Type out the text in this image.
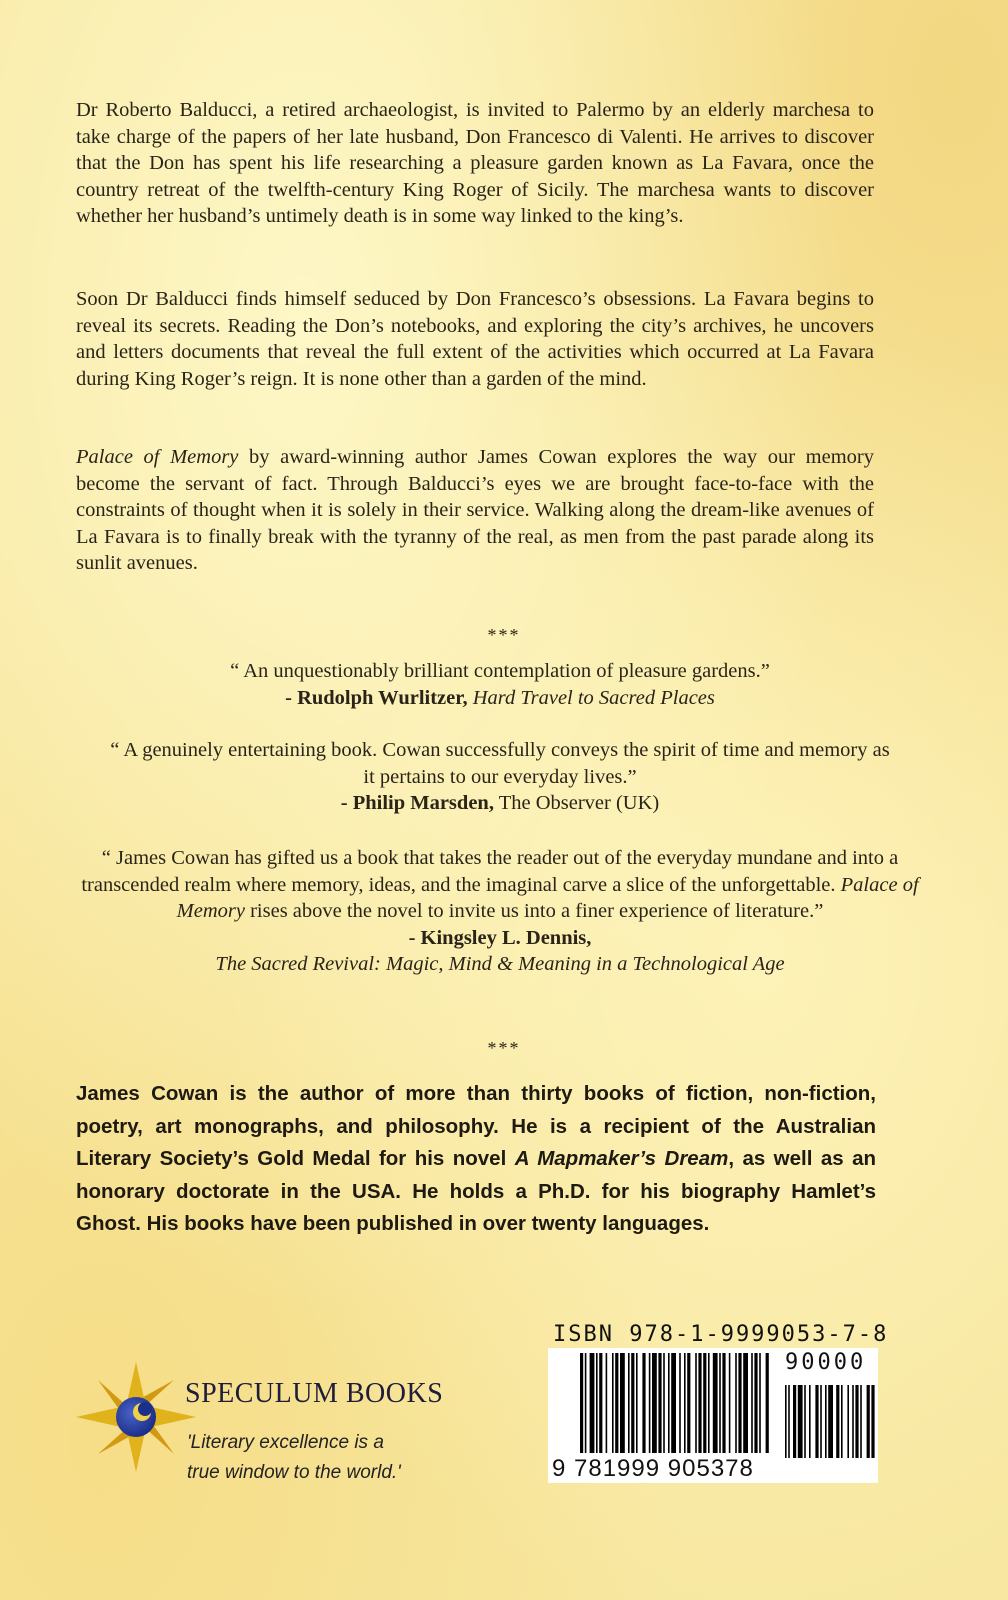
Dr Roberto Balducci, a retired archaeologist, is invited to Palermo by an elderly marchesa to take charge of the papers of her late husband, Don Francesco di Valenti. He arrives to discover that the Don has spent his life researching a pleasure garden known as La Favara, once the country retreat of the twelfth-century King Roger of Sicily. The marchesa wants to discover whether her husband’s untimely death is in some way linked to the king’s.
Soon Dr Balducci finds himself seduced by Don Francesco’s obsessions. La Favara begins to reveal its secrets. Reading the Don’s notebooks, and exploring the city’s archives, he uncovers and letters documents that reveal the full extent of the activities which occurred at La Favara during King Roger’s reign. It is none other than a garden of the mind.
Palace of Memory by award-winning author James Cowan explores the way our memory become the servant of fact. Through Balducci’s eyes we are brought face-to-face with the constraints of thought when it is solely in their service. Walking along the dream-like avenues of La Favara is to finally break with the tyranny of the real, as men from the past parade along its sunlit avenues.
***
“ An unquestionably brilliant contemplation of pleasure gardens.”
- Rudolph Wurlitzer, Hard Travel to Sacred Places
“ A genuinely entertaining book. Cowan successfully conveys the spirit of time and memory as it pertains to our everyday lives.”
- Philip Marsden, The Observer (UK)
“ James Cowan has gifted us a book that takes the reader out of the everyday mundane and into a transcended realm where memory, ideas, and the imaginal carve a slice of the unforgettable. Palace of Memory rises above the novel to invite us into a finer experience of literature.”
- Kingsley L. Dennis,
The Sacred Revival: Magic, Mind & Meaning in a Technological Age
***
James Cowan is the author of more than thirty books of fiction, non-fiction, poetry, art monographs, and philosophy. He is a recipient of the Australian Literary Society’s Gold Medal for his novel A Mapmaker’s Dream, as well as an honorary doctorate in the USA. He holds a Ph.D. for his biography Hamlet’s Ghost. His books have been published in over twenty languages.
SPECULUM BOOKS
'Literary excellence is a
true window to the world.'
ISBN 978-1-9999053-7-8
90000
9 781999 905378
